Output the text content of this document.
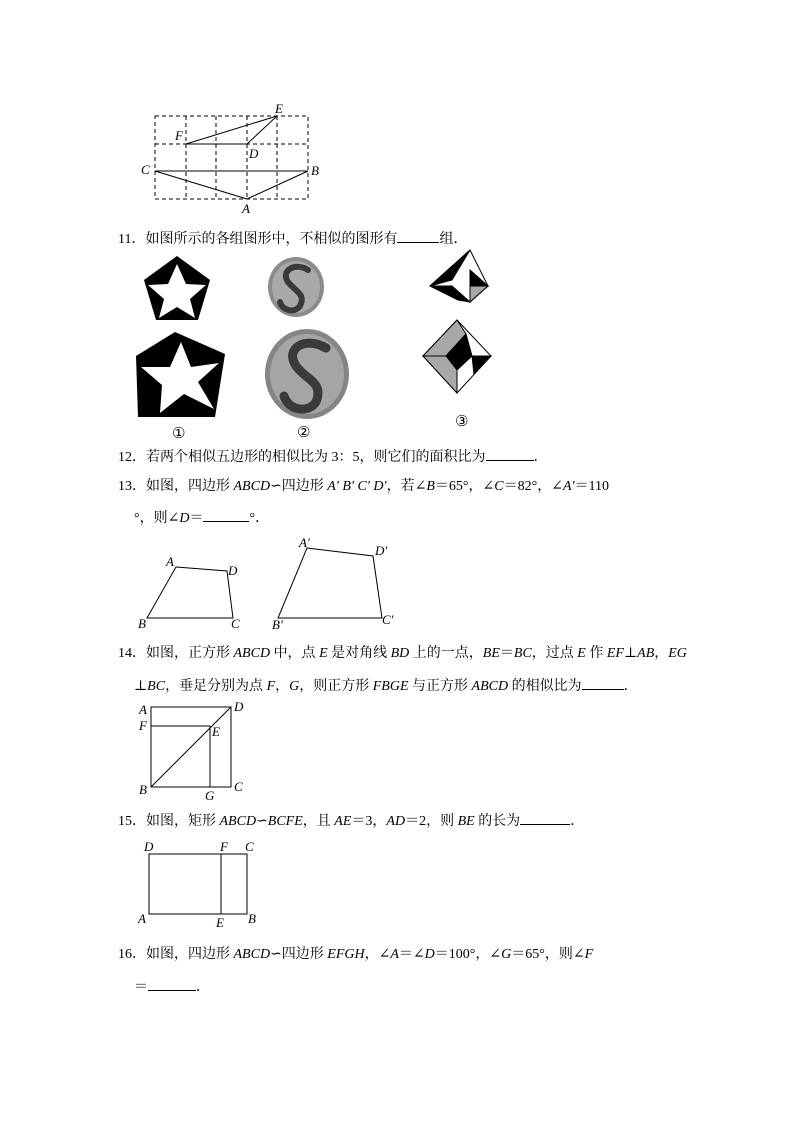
E
F
D
C	B
A
11．如图所示的各组图形中，不相似的图形有	组．
①	②
③
12．若两个相似五边形的相似比为 3：5，则它们的面积比为	．
13．如图，四边形 ABCD∽四边形 A′ B′ C′ D′，若∠B＝65°，∠C＝82°，∠A′＝110
°，则∠D＝	°．
A
D
B	C
A′
D′
B′	C′
14．如图，正方形 ABCD 中，点 E 是对角线 BD 上的一点，BE＝BC，过点 E 作 EF⊥AB，EG
⊥BC，垂足分别为点 F，G，则正方形 FBGE 与正方形 ABCD 的相似比为	．
A	D
F	E
B	G
C
15．如图，矩形 ABCD∽BCFE，且 AE＝3，AD＝2，则 BE 的长为	．
D	F C
A	E B
16．如图，四边形 ABCD∽四边形 EFGH，∠A＝∠D＝100°，∠G＝65°，则∠F
＝	．
